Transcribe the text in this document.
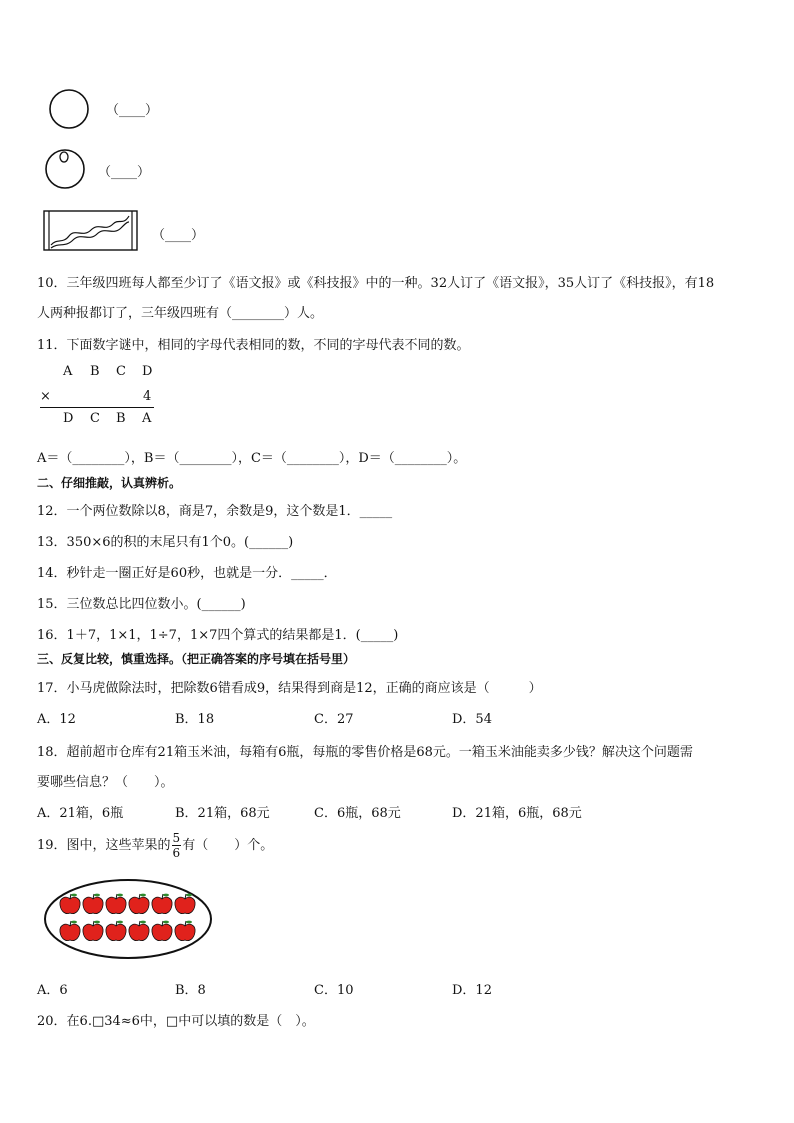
（____）
（____）
（____）
10．三年级四班每人都至少订了《语文报》或《科技报》中的一种。32人订了《语文报》，35人订了《科技报》，有18
人两种报都订了，三年级四班有（________）人。
11．下面数字谜中，相同的字母代表相同的数，不同的字母代表不同的数。
A B C D
×	4
D C B A
A＝（________），B＝（________），C＝（________），D＝（________）。
二、仔细推敲，认真辨析。
12．一个两位数除以8，商是7，余数是9，这个数是1．_____
13．350×6的积的末尾只有1个0。(______)
14．秒针走一圈正好是60秒，也就是一分．_____．
15．三位数总比四位数小。(______)
16．1＋7，1×1，1÷7，1×7四个算式的结果都是1．(_____)
三、反复比较，慎重选择。（把正确答案的序号填在括号里）
17．小马虎做除法时，把除数6错看成9，结果得到商是12，正确的商应该是（　　　）
A．12	B．18	C．27	D．54
18．超前超市仓库有21箱玉米油，每箱有6瓶，每瓶的零售价格是68元。一箱玉米油能卖多少钱？解决这个问题需
要哪些信息？（　　）。
A．21箱，6瓶	B．21箱，68元	C．6瓶，68元	D．21箱，6瓶，68元
19．图中，这些苹果的 $\frac{5}{6}$ 有（　　）个。
A．6	B．8	C．10	D．12
20．在6.□34≈6中，□中可以填的数是（　）。
